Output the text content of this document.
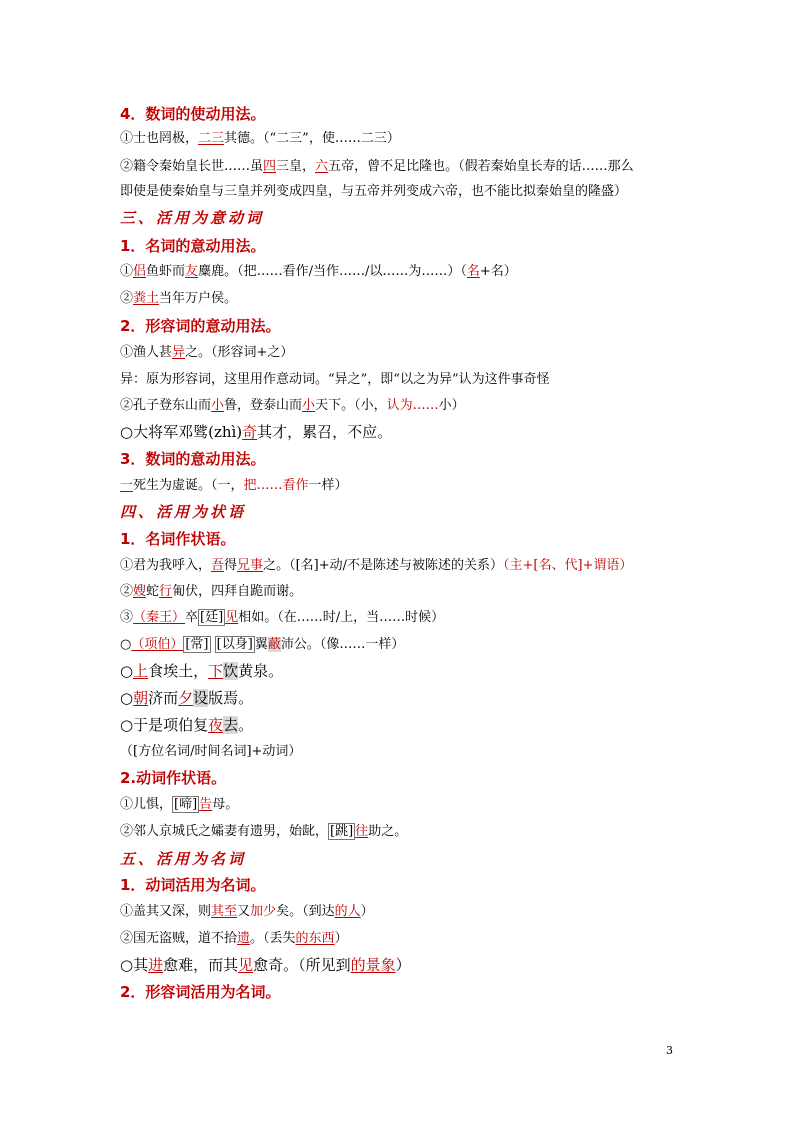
4．数词的使动用法。
①士也罔极，二三其德。（“二三”，使……二三）
②籍令秦始皇长世……虽四三皇，六五帝，曾不足比隆也。（假若秦始皇长寿的话……那么
即使是使秦始皇与三皇并列变成四皇，与五帝并列变成六帝，也不能比拟秦始皇的隆盛）
三、活用为意动词
1．名词的意动用法。
①侣鱼虾而友麋鹿。（把……看作/当作……/以……为……）（名+名）
②粪土当年万户侯。
2．形容词的意动用法。
①渔人甚异之。（形容词+之）
异：原为形容词，这里用作意动词。“异之”，即“以之为异”认为这件事奇怪
②孔子登东山而小鲁，登泰山而小天下。（小，认为……小）
○大将军邓骘(zhì)奇其才，累召，不应。
3．数词的意动用法。
一死生为虚诞。（一，把……看作一样）
四、活用为状语
1．名词作状语。
①君为我呼入，吾得兄事之。（[名]+动/不是陈述与被陈述的关系）（主+[名、代]+谓语）
②嫂蛇行匍伏，四拜自跪而谢。
③（秦王）卒 [廷] 见相如。（在……时/上，当……时候）
○（项伯） [常] [以身] 翼蔽沛公。（像……一样）
○上食埃土，下饮黄泉。
○朝济而夕设版焉。
○于是项伯复夜去。
（[方位名词/时间名词]+动词）
2.动词作状语。
①儿惧， [啼] 告母。
②邻人京城氏之孀妻有遗男，始龀， [跳] 往助之。
五、活用为名词
1．动词活用为名词。
①盖其又深，则其至又加少矣。（到达的人）
②国无盗贼，道不拾遗。（丢失的东西）
○其进愈难，而其见愈奇。（所见到的景象）
2．形容词活用为名词。
3
